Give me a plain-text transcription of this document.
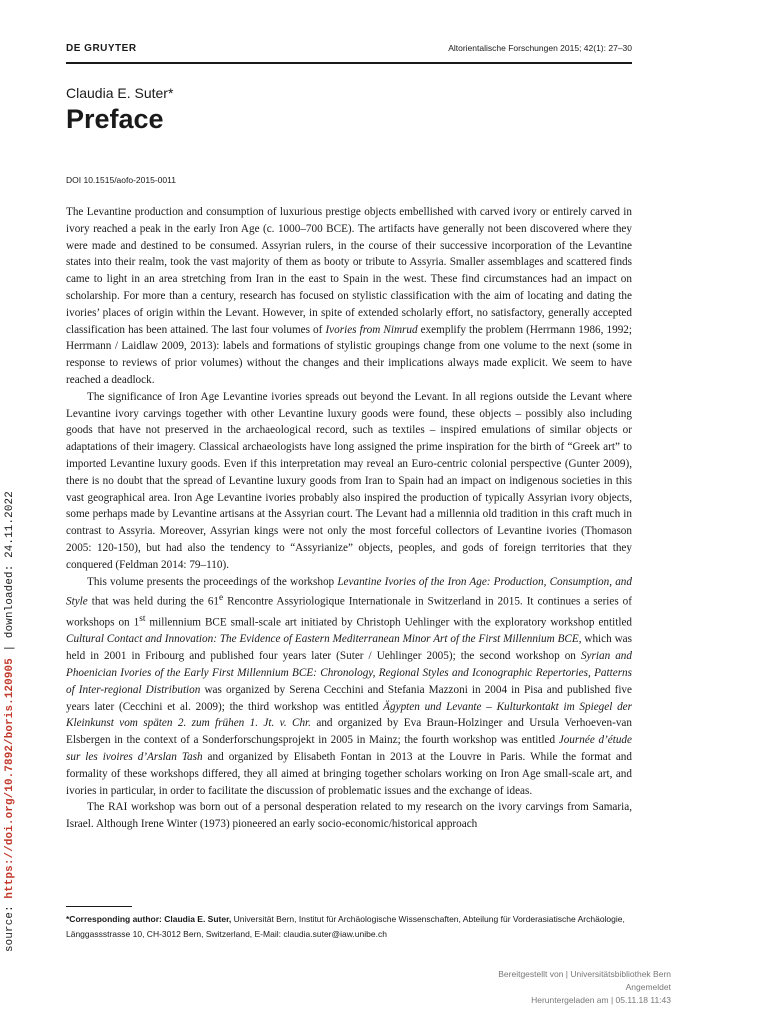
DE GRUYTER	Altorientalische Forschungen 2015; 42(1): 27–30
Claudia E. Suter*
Preface
DOI 10.1515/aofo-2015-0011

The Levantine production and consumption of luxurious prestige objects embellished with carved ivory or entirely carved in ivory reached a peak in the early Iron Age (c. 1000–700 BCE). The artifacts have generally not been discovered where they were made and destined to be consumed. Assyrian rulers, in the course of their successive incorporation of the Levantine states into their realm, took the vast majority of them as booty or tribute to Assyria. Smaller assemblages and scattered finds came to light in an area stretching from Iran in the east to Spain in the west. These find circumstances had an impact on scholarship. For more than a century, research has focused on stylistic classification with the aim of locating and dating the ivories’ places of origin within the Levant. However, in spite of extended scholarly effort, no satisfactory, generally accepted classification has been attained. The last four volumes of Ivories from Nimrud exemplify the problem (Herrmann 1986, 1992; Herrmann / Laidlaw 2009, 2013): labels and formations of stylistic groupings change from one volume to the next (some in response to reviews of prior volumes) without the changes and their implications always made explicit. We seem to have reached a deadlock.

The significance of Iron Age Levantine ivories spreads out beyond the Levant. In all regions outside the Levant where Levantine ivory carvings together with other Levantine luxury goods were found, these objects – possibly also including goods that have not preserved in the archaeological record, such as textiles – inspired emulations of similar objects or adaptations of their imagery. Classical archaeologists have long assigned the prime inspiration for the birth of “Greek art” to imported Levantine luxury goods. Even if this interpretation may reveal an Euro-centric colonial perspective (Gunter 2009), there is no doubt that the spread of Levantine luxury goods from Iran to Spain had an impact on indigenous societies in this vast geographical area. Iron Age Levantine ivories probably also inspired the production of typically Assyrian ivory objects, some perhaps made by Levantine artisans at the Assyrian court. The Levant had a millennia old tradition in this craft much in contrast to Assyria. Moreover, Assyrian kings were not only the most forceful collectors of Levantine ivories (Thomason 2005: 120-150), but had also the tendency to “Assyrianize” objects, peoples, and gods of foreign territories that they conquered (Feldman 2014: 79–110).

This volume presents the proceedings of the workshop Levantine Ivories of the Iron Age: Production, Consumption, and Style that was held during the 61e Rencontre Assyriologique Internationale in Switzerland in 2015. It continues a series of workshops on 1st millennium BCE small-scale art initiated by Christoph Uehlinger with the exploratory workshop entitled Cultural Contact and Innovation: The Evidence of Eastern Mediterranean Minor Art of the First Millennium BCE, which was held in 2001 in Fribourg and published four years later (Suter / Uehlinger 2005); the second workshop on Syrian and Phoenician Ivories of the Early First Millennium BCE: Chronology, Regional Styles and Iconographic Repertories, Patterns of Inter-regional Distribution was organized by Serena Cecchini and Stefania Mazzoni in 2004 in Pisa and published five years later (Cecchini et al. 2009); the third workshop was entitled Ägypten und Levante – Kulturkontakt im Spiegel der Kleinkunst vom späten 2. zum frühen 1. Jt. v. Chr. and organized by Eva Braun-Holzinger and Ursula Verhoeven-van Elsbergen in the context of a Sonderforschungsprojekt in 2005 in Mainz; the fourth workshop was entitled Journée d’étude sur les ivoires d’Arslan Tash and organized by Elisabeth Fontan in 2013 at the Louvre in Paris. While the format and formality of these workshops differed, they all aimed at bringing together scholars working on Iron Age small-scale art, and ivories in particular, in order to facilitate the discussion of problematic issues and the exchange of ideas.

The RAI workshop was born out of a personal desperation related to my research on the ivory carvings from Samaria, Israel. Although Irene Winter (1973) pioneered an early socio-economic/historical approach

*Corresponding author: Claudia E. Suter, Universität Bern, Institut für Archäologische Wissenschaften, Abteilung für Vorderasiatische Archäologie, Länggassstrasse 10, CH-3012 Bern, Switzerland, E-Mail: claudia.suter@iaw.unibe.ch
source: https://doi.org/10.7892/boris.120905 | downloaded: 24.11.2022
Bereitgestellt von | Universitätsbibliothek Bern
Angemeldet
Heruntergeladen am | 05.11.18 11:43
